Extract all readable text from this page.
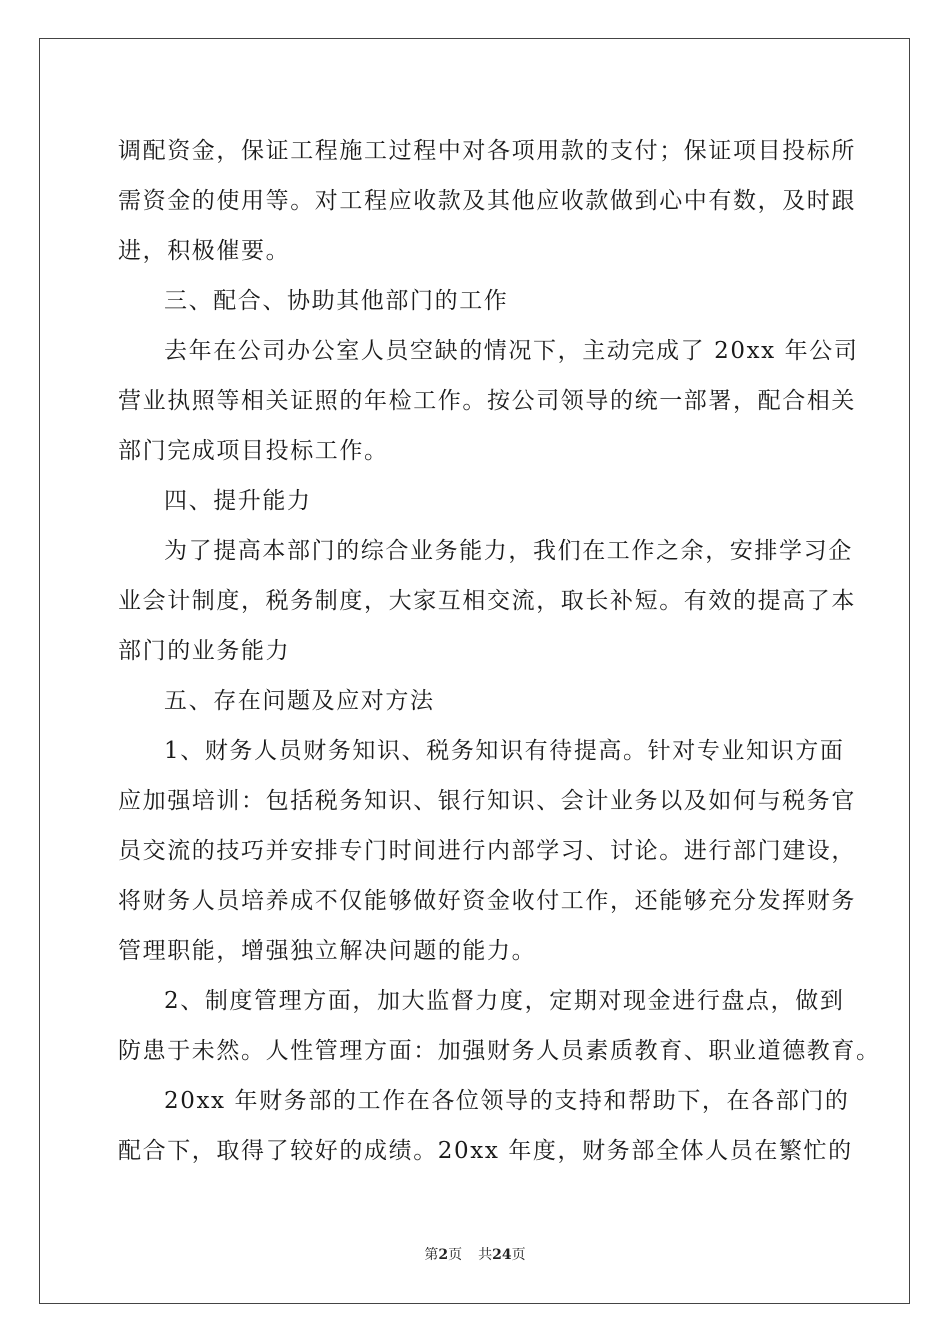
调配资金，保证工程施工过程中对各项用款的支付；保证项目投标所
需资金的使用等。对工程应收款及其他应收款做到心中有数，及时跟
进，积极催要。
三、配合、协助其他部门的工作
去年在公司办公室人员空缺的情况下，主动完成了 20xx 年公司
营业执照等相关证照的年检工作。按公司领导的统一部署，配合相关
部门完成项目投标工作。
四、提升能力
为了提高本部门的综合业务能力，我们在工作之余，安排学习企
业会计制度，税务制度，大家互相交流，取长补短。有效的提高了本
部门的业务能力
五、存在问题及应对方法
1、财务人员财务知识、税务知识有待提高。针对专业知识方面
应加强培训：包括税务知识、银行知识、会计业务以及如何与税务官
员交流的技巧并安排专门时间进行内部学习、讨论。进行部门建设，
将财务人员培养成不仅能够做好资金收付工作，还能够充分发挥财务
管理职能，增强独立解决问题的能力。
2、制度管理方面，加大监督力度，定期对现金进行盘点，做到
防患于未然。人性管理方面：加强财务人员素质教育、职业道德教育。
20xx 年财务部的工作在各位领导的支持和帮助下，在各部门的
配合下，取得了较好的成绩。20xx 年度，财务部全体人员在繁忙的
第2页 共24页
